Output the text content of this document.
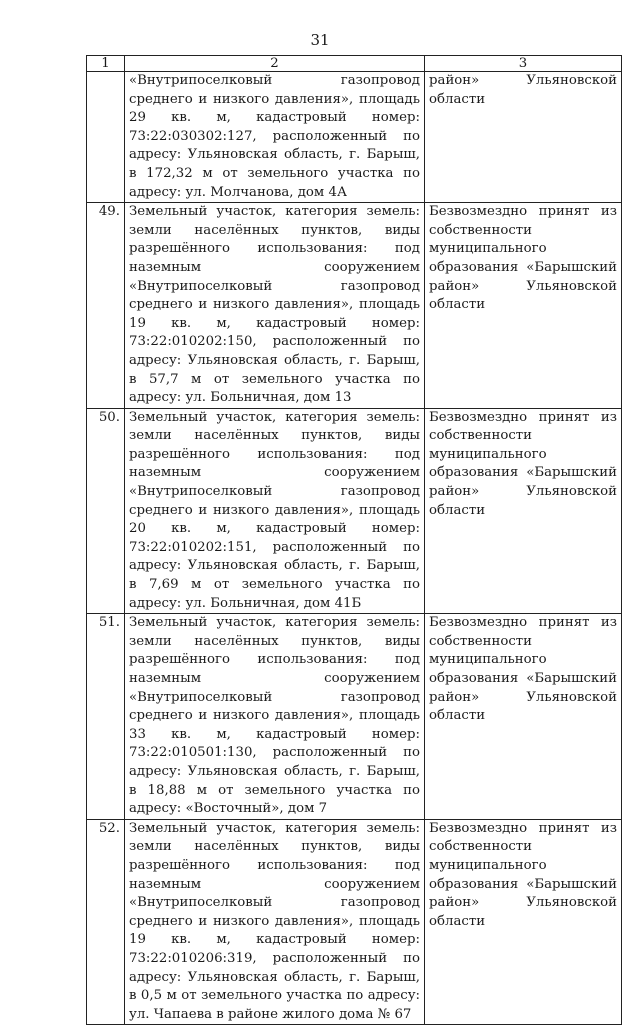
31
1	2	3
	«Внутрипоселковый газопровод среднего и низкого давления», площадь 29 кв. м, кадастровый номер: 73:22:030302:127, расположенный по адресу: Ульяновская область, г. Барыш, в 172,32 м от земельного участка по адресу: ул. Молчанова, дом 4А	район» Ульяновской области
49.	Земельный участок, категория земель: земли населённых пунктов, виды разрешённого использования: под наземным сооружением «Внутрипоселковый газопровод среднего и низкого давления», площадь 19 кв. м, кадастровый номер: 73:22:010202:150, расположенный по адресу: Ульяновская область, г. Барыш, в 57,7 м от земельного участка по адресу: ул. Больничная, дом 13	Безвозмездно принят из собственности муниципального образования «Барышский район» Ульяновской области
50.	Земельный участок, категория земель: земли населённых пунктов, виды разрешённого использования: под наземным сооружением «Внутрипоселковый газопровод среднего и низкого давления», площадь 20 кв. м, кадастровый номер: 73:22:010202:151, расположенный по адресу: Ульяновская область, г. Барыш, в 7,69 м от земельного участка по адресу: ул. Больничная, дом 41Б	Безвозмездно принят из собственности муниципального образования «Барышский район» Ульяновской области
51.	Земельный участок, категория земель: земли населённых пунктов, виды разрешённого использования: под наземным сооружением «Внутрипоселковый газопровод среднего и низкого давления», площадь 33 кв. м, кадастровый номер: 73:22:010501:130, расположенный по адресу: Ульяновская область, г. Барыш, в 18,88 м от земельного участка по адресу: «Восточный», дом 7	Безвозмездно принят из собственности муниципального образования «Барышский район» Ульяновской области
52.	Земельный участок, категория земель: земли населённых пунктов, виды разрешённого использования: под наземным сооружением «Внутрипоселковый газопровод среднего и низкого давления», площадь 19 кв. м, кадастровый номер: 73:22:010206:319, расположенный по адресу: Ульяновская область, г. Барыш, в 0,5 м от земельного участка по адресу: ул. Чапаева в районе жилого дома № 67	Безвозмездно принят из собственности муниципального образования «Барышский район» Ульяновской области
